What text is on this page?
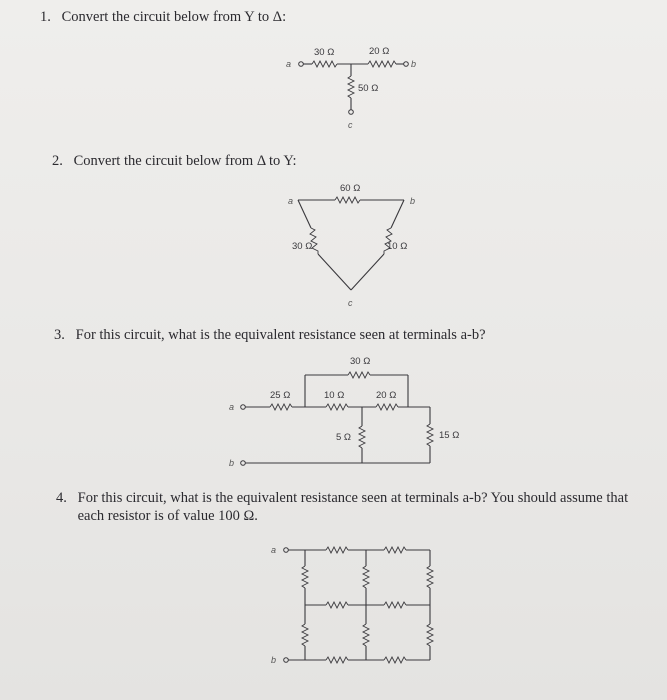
1. Convert the circuit below from Y to Δ:
2. Convert the circuit below from Δ to Y:
3. For this circuit, what is the equivalent resistance seen at terminals a-b?
4. For this circuit, what is the equivalent resistance seen at terminals a-b? You should assume that each resistor is of value 100 Ω.
a
30 Ω
b
20 Ω
c
50 Ω
a	b
c
60 Ω
30 Ω	10 Ω
a
25 Ω
30 Ω
10 Ω	20 Ω
5 Ω	15 Ω
b
a
b
